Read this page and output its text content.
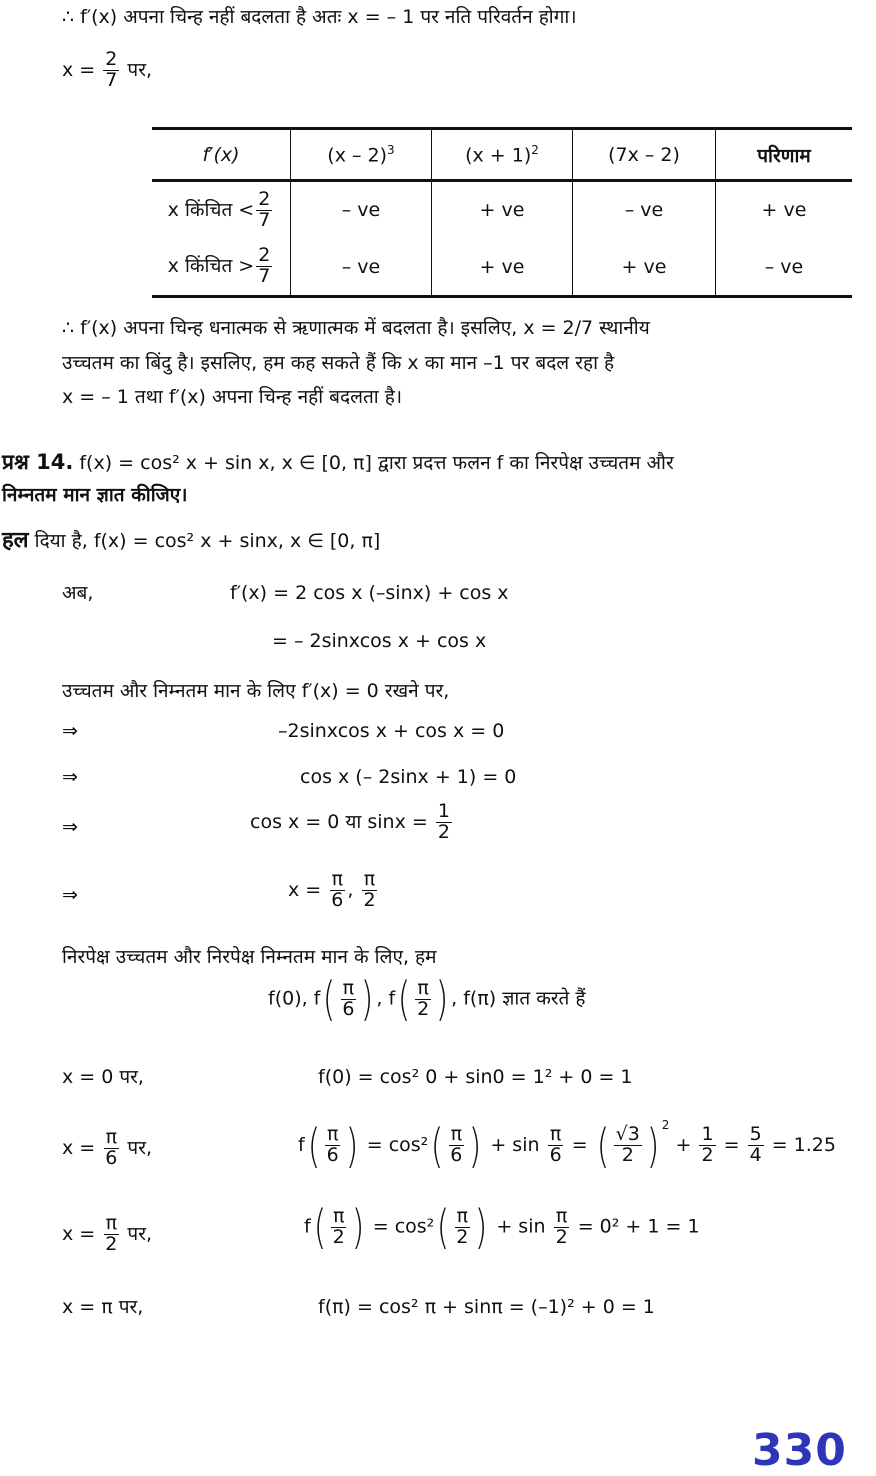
∴ f′(x) अपना चिन्ह नहीं बदलता है अतः x = – 1 पर नति परिवर्तन होगा।
$x = \frac{2}{7}$ पर,
f′(x)	(x – 2)$^3$	$(x + 1)^2$	(7x – 2)	परिणाम
x किंचित < $\frac{2}{7}$	– ve	+ ve	– ve	+ ve
x किंचित > $\frac{2}{7}$	– ve	+ ve	+ ve	– ve
∴ f′(x) अपना चिन्ह धनात्मक से ऋणात्मक में बदलता है। इसलिए, x = 2/7 स्थानीय
उच्चतम का बिंदु है। इसलिए, हम कह सकते हैं कि x का मान –1 पर बदल रहा है
x = – 1 तथा f′(x) अपना चिन्ह नहीं बदलता है।
प्रश्न 14. f(x) = cos² x + sin x, x ∈ [0, π] द्वारा प्रदत्त फलन f का निरपेक्ष उच्चतम और
निम्नतम मान ज्ञात कीजिए।
हल दिया है, f(x) = cos² x + sinx, x ∈ [0, π]
अब,	f′(x) = 2 cos x (–sinx) + cos x
= – 2sinxcos x + cos x
उच्चतम और निम्नतम मान के लिए f′(x) = 0 रखने पर,
⇒	–2sinxcos x + cos x = 0
⇒	cos x (– 2sinx + 1) = 0
⇒	cos x = 0 या $\sin x = \frac{1}{2}$
⇒	$x = \frac{\pi}{6}$ , $\frac{\pi}{2}$
निरपेक्ष उच्चतम और निरपेक्ष निम्नतम मान के लिए, हम
f(0), f ( $\frac{\pi}{6}$ ) , f ( $\frac{\pi}{2}$ ) , f(π) ज्ञात करते हैं
x = 0 पर,	f(0) = cos² 0 + sin0 = 1² + 0 = 1
$x = \frac{\pi}{6}$ पर,	f ( $\frac{\pi}{6}$ ) = cos² ( $\frac{\pi}{6}$ ) + $\sin \frac{\pi}{6}$ = ( $\frac{√3}{2}$ ) $^2 + \frac{1}{2} = \frac{5}{4} = 1.25$
$x = \frac{\pi}{2}$ पर,	f ( $\frac{\pi}{2}$ ) = cos² ( $\frac{\pi}{2}$ ) + $\sin \frac{\pi}{2} = 0^2 + 1 = 1$
x = π पर,	f(π) = cos² π + sinπ = (–1)² + 0 = 1
330
